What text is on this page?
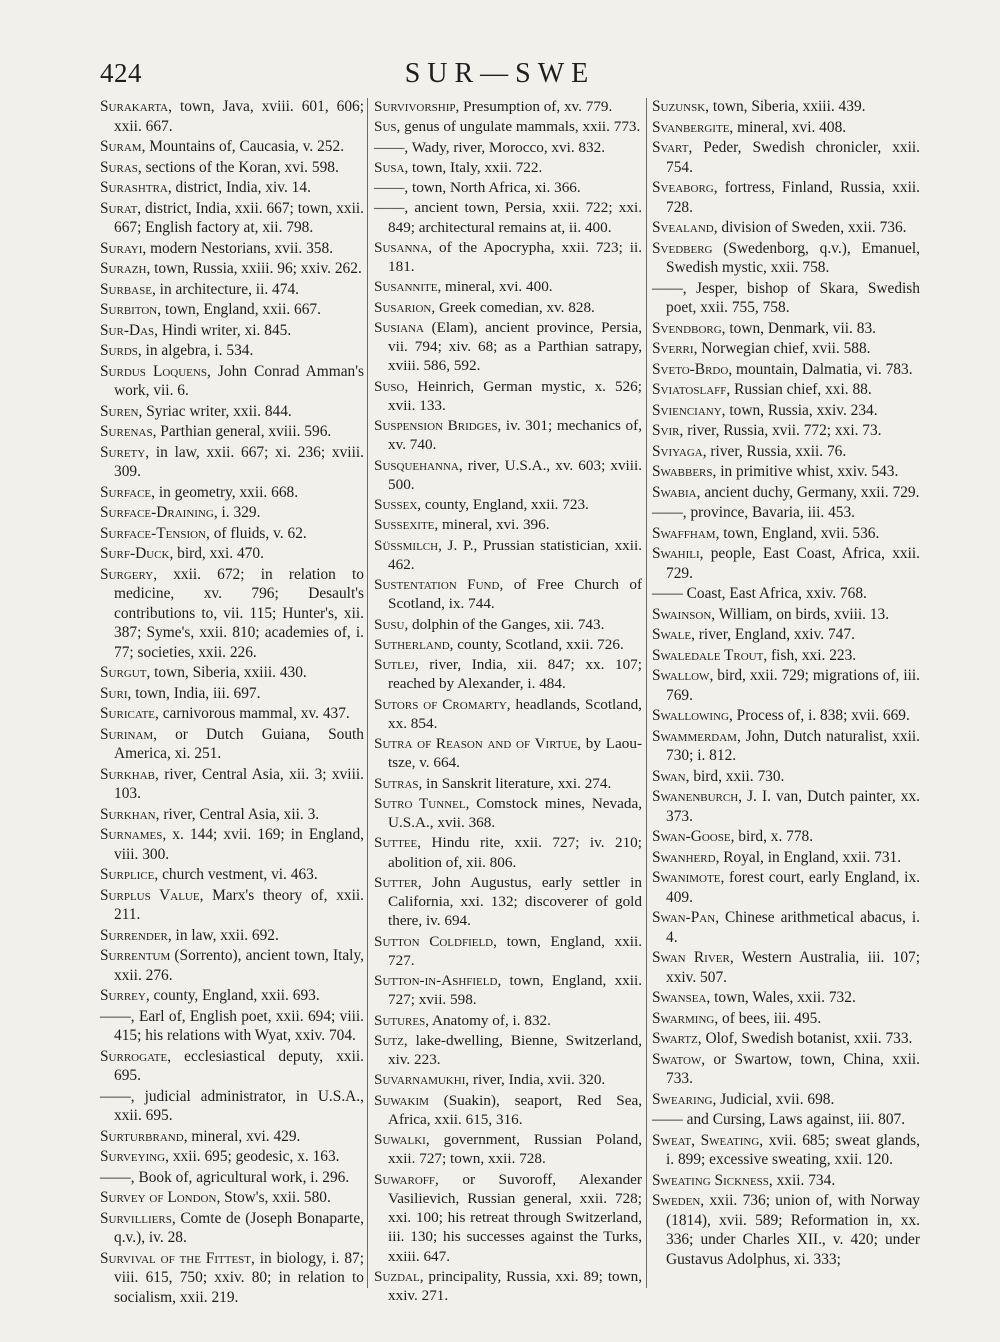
424	SUR—SWE

Surakarta, town, Java, xviii. 601, 606; xxii. 667.

Suram, Mountains of, Caucasia, v. 252.

Suras, sections of the Koran, xvi. 598.

Surashtra, district, India, xiv. 14.

Surat, district, India, xxii. 667; town, xxii. 667; English factory at, xii. 798.

Surayi, modern Nestorians, xvii. 358.

Surazh, town, Russia, xxiii. 96; xxiv. 262.

Surbase, in architecture, ii. 474.

Surbiton, town, England, xxii. 667.

Sur-Das, Hindi writer, xi. 845.

Surds, in algebra, i. 534.

Surdus Loquens, John Conrad Amman's work, vii. 6.

Suren, Syriac writer, xxii. 844.

Surenas, Parthian general, xviii. 596.

Surety, in law, xxii. 667; xi. 236; xviii. 309.

Surface, in geometry, xxii. 668.

Surface-Draining, i. 329.

Surface-Tension, of fluids, v. 62.

Surf-Duck, bird, xxi. 470.

Surgery, xxii. 672; in relation to medicine, xv. 796; Desault's contributions to, vii. 115; Hunter's, xii. 387; Syme's, xxii. 810; academies of, i. 77; societies, xxii. 226.

Surgut, town, Siberia, xxiii. 430.

Suri, town, India, iii. 697.

Suricate, carnivorous mammal, xv. 437.

Surinam, or Dutch Guiana, South America, xi. 251.

Surkhab, river, Central Asia, xii. 3; xviii. 103.

Surkhan, river, Central Asia, xii. 3.

Surnames, x. 144; xvii. 169; in England, viii. 300.

Surplice, church vestment, vi. 463.

Surplus Value, Marx's theory of, xxii. 211.

Surrender, in law, xxii. 692.

Surrentum (Sorrento), ancient town, Italy, xxii. 276.

Surrey, county, England, xxii. 693.

——, Earl of, English poet, xxii. 694; viii. 415; his relations with Wyat, xxiv. 704.

Surrogate, ecclesiastical deputy, xxii. 695.

——, judicial administrator, in U.S.A., xxii. 695.

Surturbrand, mineral, xvi. 429.

Surveying, xxii. 695; geodesic, x. 163.

——, Book of, agricultural work, i. 296.

Survey of London, Stow's, xxii. 580.

Survilliers, Comte de (Joseph Bonaparte, q.v.), iv. 28.

Survival of the Fittest, in biology, i. 87; viii. 615, 750; xxiv. 80; in relation to socialism, xxii. 219.

Survivorship, Presumption of, xv. 779.

Sus, genus of ungulate mammals, xxii. 773.

——, Wady, river, Morocco, xvi. 832.

Susa, town, Italy, xxii. 722.

——, town, North Africa, xi. 366.

——, ancient town, Persia, xxii. 722; xxi. 849; architectural remains at, ii. 400.

Susanna, of the Apocrypha, xxii. 723; ii. 181.

Susannite, mineral, xvi. 400.

Susarion, Greek comedian, xv. 828.

Susiana (Elam), ancient province, Persia, vii. 794; xiv. 68; as a Parthian satrapy, xviii. 586, 592.

Suso, Heinrich, German mystic, x. 526; xvii. 133.

Suspension Bridges, iv. 301; mechanics of, xv. 740.

Susquehanna, river, U.S.A., xv. 603; xviii. 500.

Sussex, county, England, xxii. 723.

Sussexite, mineral, xvi. 396.

Süssmilch, J. P., Prussian statistician, xxii. 462.

Sustentation Fund, of Free Church of Scotland, ix. 744.

Susu, dolphin of the Ganges, xii. 743.

Sutherland, county, Scotland, xxii. 726.

Sutlej, river, India, xii. 847; xx. 107; reached by Alexander, i. 484.

Sutors of Cromarty, headlands, Scotland, xx. 854.

Sutra of Reason and of Virtue, by Laou-tsze, v. 664.

Sutras, in Sanskrit literature, xxi. 274.

Sutro Tunnel, Comstock mines, Nevada, U.S.A., xvii. 368.

Suttee, Hindu rite, xxii. 727; iv. 210; abolition of, xii. 806.

Sutter, John Augustus, early settler in California, xxi. 132; discoverer of gold there, iv. 694.

Sutton Coldfield, town, England, xxii. 727.

Sutton-in-Ashfield, town, England, xxii. 727; xvii. 598.

Sutures, Anatomy of, i. 832.

Sutz, lake-dwelling, Bienne, Switzerland, xiv. 223.

Suvarnamukhi, river, India, xvii. 320.

Suwakim (Suakin), seaport, Red Sea, Africa, xxii. 615, 316.

Suwalki, government, Russian Poland, xxii. 727; town, xxii. 728.

Suwaroff, or Suvoroff, Alexander Vasilievich, Russian general, xxii. 728; xxi. 100; his retreat through Switzerland, iii. 130; his successes against the Turks, xxiii. 647.

Suzdal, principality, Russia, xxi. 89; town, xxiv. 271.

Suzunsk, town, Siberia, xxiii. 439.

Svanbergite, mineral, xvi. 408.

Svart, Peder, Swedish chronicler, xxii. 754.

Sveaborg, fortress, Finland, Russia, xxii. 728.

Svealand, division of Sweden, xxii. 736.

Svedberg (Swedenborg, q.v.), Emanuel, Swedish mystic, xxii. 758.

——, Jesper, bishop of Skara, Swedish poet, xxii. 755, 758.

Svendborg, town, Denmark, vii. 83.

Sverri, Norwegian chief, xvii. 588.

Sveto-Brdo, mountain, Dalmatia, vi. 783.

Sviatoslaff, Russian chief, xxi. 88.

Svienciany, town, Russia, xxiv. 234.

Svir, river, Russia, xvii. 772; xxi. 73.

Sviyaga, river, Russia, xxii. 76.

Swabbers, in primitive whist, xxiv. 543.

Swabia, ancient duchy, Germany, xxii. 729.

——, province, Bavaria, iii. 453.

Swaffham, town, England, xvii. 536.

Swahili, people, East Coast, Africa, xxii. 729.

—— Coast, East Africa, xxiv. 768.

Swainson, William, on birds, xviii. 13.

Swale, river, England, xxiv. 747.

Swaledale Trout, fish, xxi. 223.

Swallow, bird, xxii. 729; migrations of, iii. 769.

Swallowing, Process of, i. 838; xvii. 669.

Swammerdam, John, Dutch naturalist, xxii. 730; i. 812.

Swan, bird, xxii. 730.

Swanenburch, J. I. van, Dutch painter, xx. 373.

Swan-Goose, bird, x. 778.

Swanherd, Royal, in England, xxii. 731.

Swanimote, forest court, early England, ix. 409.

Swan-Pan, Chinese arithmetical abacus, i. 4.

Swan River, Western Australia, iii. 107; xxiv. 507.

Swansea, town, Wales, xxii. 732.

Swarming, of bees, iii. 495.

Swartz, Olof, Swedish botanist, xxii. 733.

Swatow, or Swartow, town, China, xxii. 733.

Swearing, Judicial, xvii. 698.

—— and Cursing, Laws against, iii. 807.

Sweat, Sweating, xvii. 685; sweat glands, i. 899; excessive sweating, xxii. 120.

Sweating Sickness, xxii. 734.

Sweden, xxii. 736; union of, with Norway (1814), xvii. 589; Reformation in, xx. 336; under Charles XII., v. 420; under Gustavus Adolphus, xi. 333;
